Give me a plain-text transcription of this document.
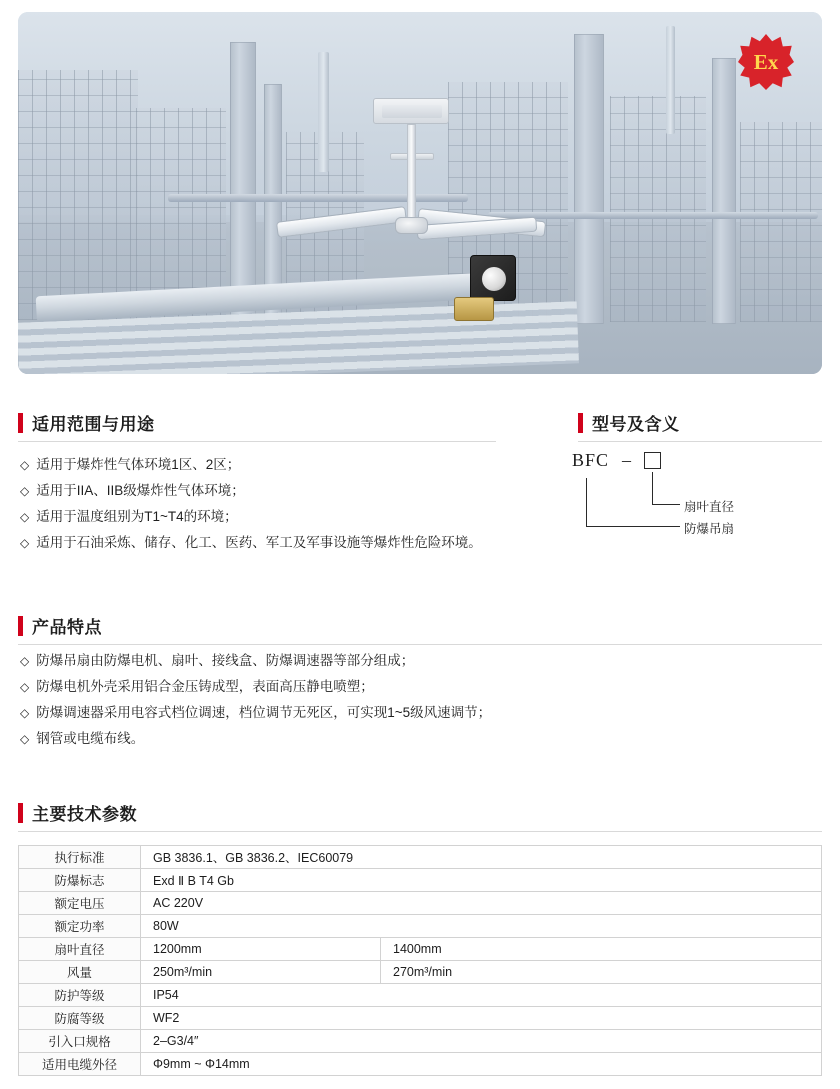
Ex
适用范围与用途
◇ 适用于爆炸性气体环境1区、2区；
◇ 适用于IIA、IIB级爆炸性气体环境；
◇ 适用于温度组别为T1~T4的环境；
◇ 适用于石油采炼、储存、化工、医药、军工及军事设施等爆炸性危险环境。
型号及含义
BFC –
扇叶直径
防爆吊扇
产品特点
◇ 防爆吊扇由防爆电机、扇叶、接线盒、防爆调速器等部分组成；
◇ 防爆电机外壳采用铝合金压铸成型，表面高压静电喷塑；
◇ 防爆调速器采用电容式档位调速，档位调节无死区，可实现1~5级风速调节；
◇ 钢管或电缆布线。
主要技术参数
执行标准	GB 3836.1、GB 3836.2、IEC60079	
防爆标志	Exd Ⅱ B T4 Gb	
额定电压	AC 220V	
额定功率	80W	
扇叶直径	1200mm	1400mm
风量	250m³/min	270m³/min
防护等级	IP54	
防腐等级	WF2	
引入口规格	2–G3/4″	
适用电缆外径	Φ9mm ~ Φ14mm	
